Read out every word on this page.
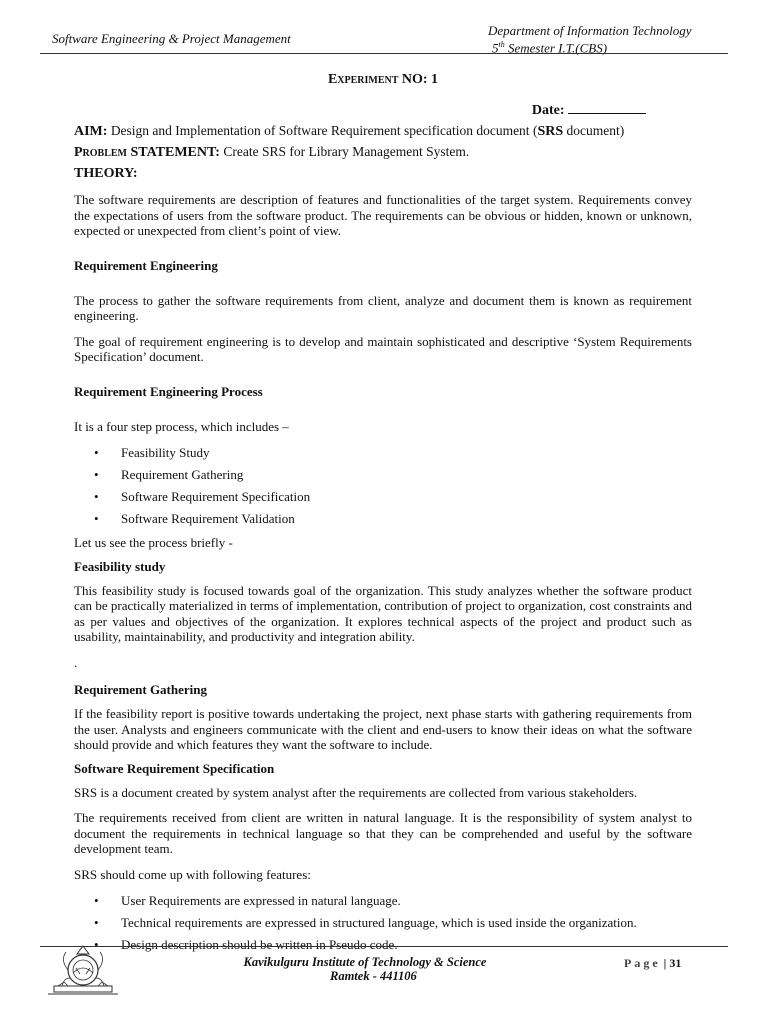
Software Engineering & Project Management
Department of Information Technology
5th Semester I.T.(CBS)
Experiment NO: 1
Date:
AIM: Design and Implementation of Software Requirement specification document (SRS document)
Problem STATEMENT: Create SRS for Library Management System.
THEORY:

The software requirements are description of features and functionalities of the target system. Requirements convey the expectations of users from the software product. The requirements can be obvious or hidden, known or unknown, expected or unexpected from client’s point of view.

Requirement Engineering

The process to gather the software requirements from client, analyze and document them is known as requirement engineering.

The goal of requirement engineering is to develop and maintain sophisticated and descriptive ‘System Requirements Specification’ document.

Requirement Engineering Process

It is a four step process, which includes –

• Feasibility Study
• Requirement Gathering
• Software Requirement Specification
• Software Requirement Validation

Let us see the process briefly -

Feasibility study

This feasibility study is focused towards goal of the organization. This study analyzes whether the software product can be practically materialized in terms of implementation, contribution of project to organization, cost constraints and as per values and objectives of the organization. It explores technical aspects of the project and product such as usability, maintainability, and productivity and integration ability.

.

Requirement Gathering

If the feasibility report is positive towards undertaking the project, next phase starts with gathering requirements from the user. Analysts and engineers communicate with the client and end-users to know their ideas on what the software should provide and which features they want the software to include.

Software Requirement Specification

SRS is a document created by system analyst after the requirements are collected from various stakeholders.

The requirements received from client are written in natural language. It is the responsibility of system analyst to document the requirements in technical language so that they can be comprehended and useful by the software development team.

SRS should come up with following features:

• User Requirements are expressed in natural language.
• Technical requirements are expressed in structured language, which is used inside the organization.
• Design description should be written in Pseudo code.
Kavikulguru Institute of Technology & Science
Ramtek - 441106
Page | 31
